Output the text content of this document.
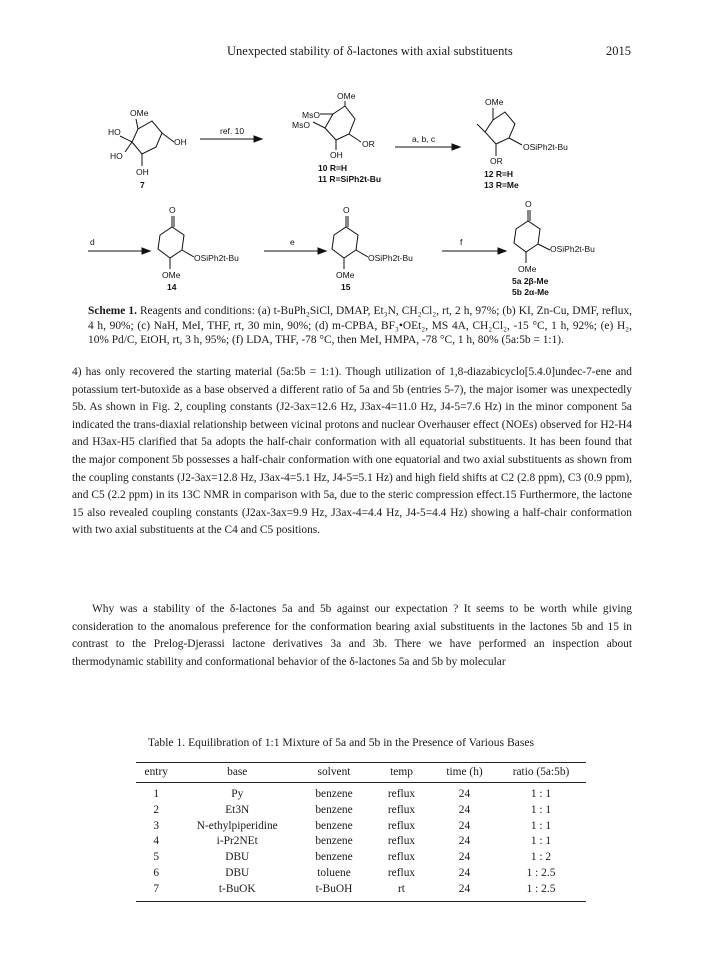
Unexpected stability of δ-lactones with axial substituents	2015
OMe
HO
HO
OH
OH
7
ref. 10
OMe
MsO
MsO
OR
OH
10 R=H
11 R=SiPh2t-Bu
a, b, c
OMe
OSiPh2t-Bu
OR
12 R=H
13 R=Me
d
O
OSiPh2t-Bu
OMe
14
e
O
OSiPh2t-Bu
OMe
15
f
O
OSiPh2t-Bu
OMe
5a 2β-Me
5b 2α-Me
Scheme 1. Reagents and conditions: (a) t-BuPh₂SiCl, DMAP, Et₃N, CH₂Cl₂, rt, 2 h, 97%; (b) KI, Zn-Cu, DMF, reflux, 4 h, 90%; (c) NaH, MeI, THF, rt, 30 min, 90%; (d) m-CPBA, BF₃•OEt₂, MS 4A, CH₂Cl₂, -15 °C, 1 h, 92%; (e) H₂, 10% Pd/C, EtOH, rt, 3 h, 95%; (f) LDA, THF, -78 °C, then MeI, HMPA, -78 °C, 1 h, 80% (5a:5b = 1:1).
4) has only recovered the starting material (5a:5b = 1:1). Though utilization of 1,8-diazabicyclo[5.4.0]undec-7-ene and potassium tert-butoxide as a base observed a different ratio of 5a and 5b (entries 5-7), the major isomer was unexpectedly 5b. As shown in Fig. 2, coupling constants (J2-3ax=12.6 Hz, J3ax-4=11.0 Hz, J4-5=7.6 Hz) in the minor component 5a indicated the trans-diaxial relationship between vicinal protons and nuclear Overhauser effect (NOEs) observed for H2-H4 and H3ax-H5 clarified that 5a adopts the half-chair conformation with all equatorial substituents. It has been found that the major component 5b possesses a half-chair conformation with one equatorial and two axial substituents as shown from the coupling constants (J2-3ax=12.8 Hz, J3ax-4=5.1 Hz, J4-5=5.1 Hz) and high field shifts at C2 (2.8 ppm), C3 (0.9 ppm), and C5 (2.2 ppm) in its 13C NMR in comparison with 5a, due to the steric compression effect.15 Furthermore, the lactone 15 also revealed coupling constants (J2ax-3ax=9.9 Hz, J3ax-4=4.4 Hz, J4-5=4.4 Hz) showing a half-chair conformation with two axial substituents at the C4 and C5 positions.
Why was a stability of the δ-lactones 5a and 5b against our expectation ? It seems to be worth while giving consideration to the anomalous preference for the conformation bearing axial substituents in the lactones 5b and 15 in contrast to the Prelog-Djerassi lactone derivatives 3a and 3b. There we have performed an inspection about thermodynamic stability and conformational behavior of the δ-lactones 5a and 5b by molecular
Table 1. Equilibration of 1:1 Mixture of 5a and 5b in the Presence of Various Bases
entry	base	solvent	temp	time (h)	ratio (5a:5b)
1	Py	benzene	reflux	24	1 : 1
2	Et3N	benzene	reflux	24	1 : 1
3	N-ethylpiperidine	benzene	reflux	24	1 : 1
4	i-Pr2NEt	benzene	reflux	24	1 : 1
5	DBU	benzene	reflux	24	1 : 2
6	DBU	toluene	reflux	24	1 : 2.5
7	t-BuOK	t-BuOH	rt	24	1 : 2.5
